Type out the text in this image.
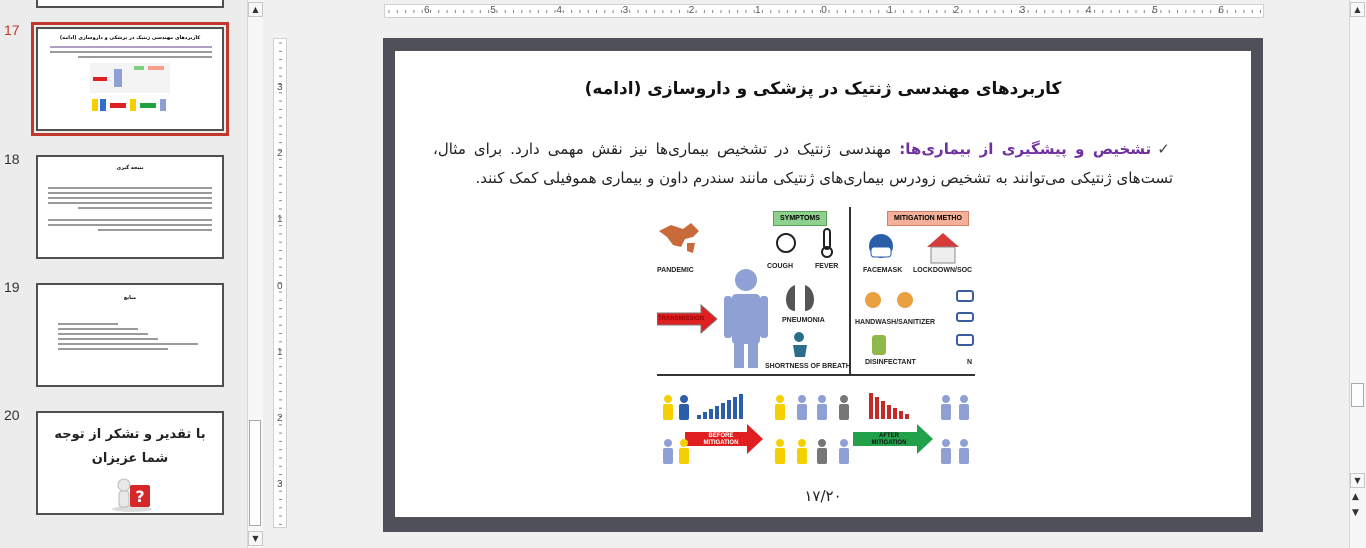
17	کاربردهای مهندسی ژنتیک در پزشکی و داروسازی (ادامه)
18
نتیجه گیری
19
منابع
20
با تقدیر و تشکر از توجه
شما عزیزان
?
▲
▼
6	5	4	3	2	1	0	1	2	3	4	5	6
3
2
1
0
1
2
3
کاربردهای مهندسی ژنتیک در پزشکی و داروسازی (ادامه)
✓تشخیص و پیشگیری از بیماری‌ها: مهندسی ژنتیک در تشخیص بیماری‌ها نیز نقش مهمی دارد. برای مثال، تست‌های ژنتیکی می‌توانند به تشخیص زودرس بیماری‌های ژنتیکی مانند سندرم داون و بیماری هموفیلی کمک کنند.
SYMPTOMS	MITIGATION METHO
PANDEMIC
COUGH	FEVER
PNEUMONIA
SHORTNESS OF BREATH
FACEMASK LOCKDOWN/SOC
HANDWASH/SANITIZER
DISINFECTANT	N
TRANSMISSION
BEFORE MITIGATION
AFTER MITIGATION
۱۷/۲۰
▲
▼
▲
▼
